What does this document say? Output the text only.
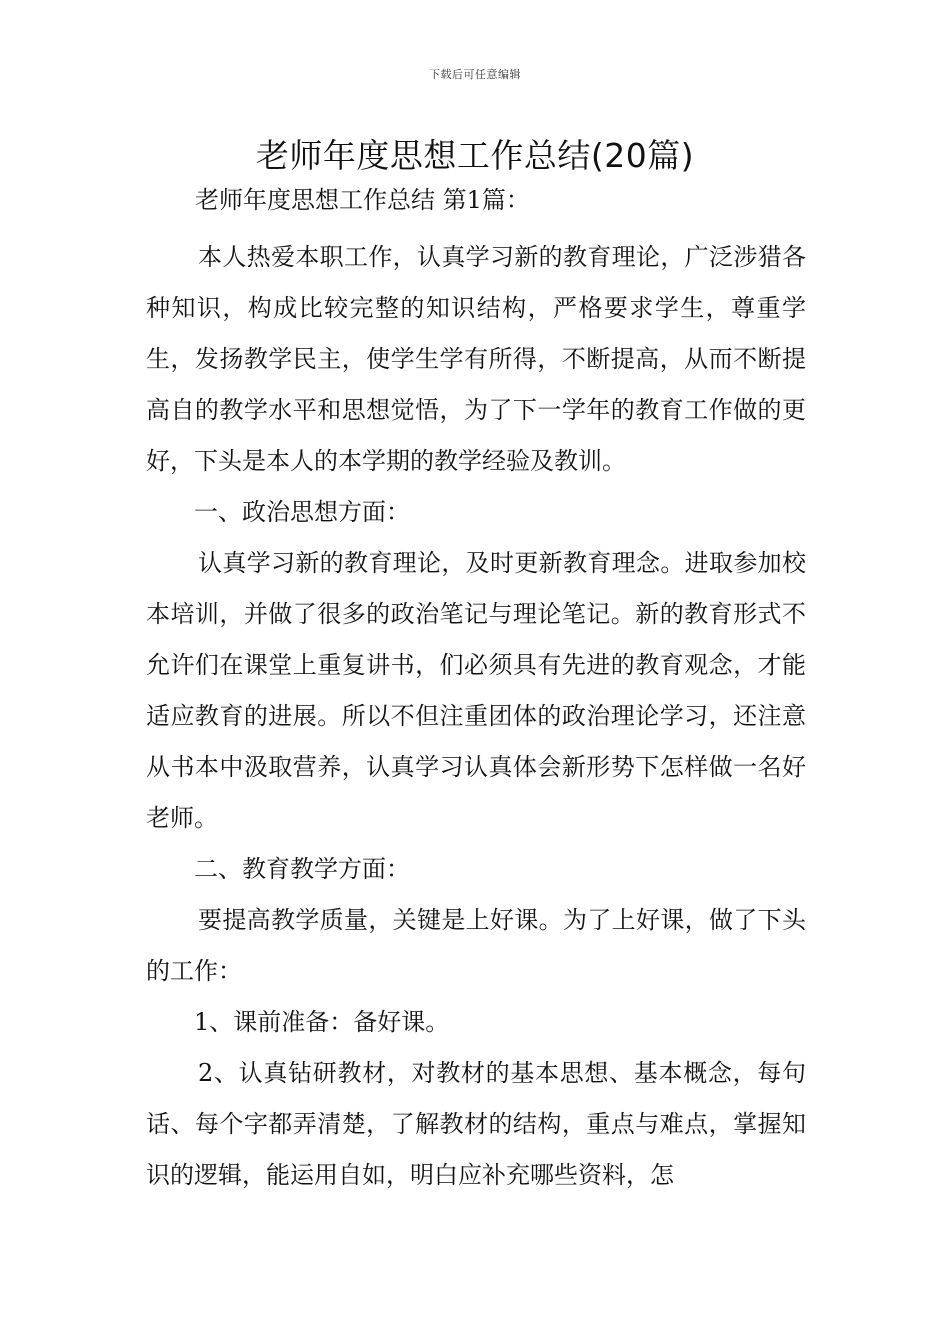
下载后可任意编辑
老师年度思想工作总结(20篇)

老师年度思想工作总结 第1篇：

本人热爱本职工作，认真学习新的教育理论，广泛涉猎各种知识，构成比较完整的知识结构，严格要求学生，尊重学生，发扬教学民主，使学生学有所得，不断提高，从而不断提高自的教学水平和思想觉悟，为了下一学年的教育工作做的更好，下头是本人的本学期的教学经验及教训。

一、政治思想方面：

认真学习新的教育理论，及时更新教育理念。进取参加校本培训，并做了很多的政治笔记与理论笔记。新的教育形式不允许们在课堂上重复讲书，们必须具有先进的教育观念，才能适应教育的进展。所以不但注重团体的政治理论学习，还注意从书本中汲取营养，认真学习认真体会新形势下怎样做一名好老师。

二、教育教学方面：

要提高教学质量，关键是上好课。为了上好课，做了下头的工作：

1、课前准备：备好课。

2、认真钻研教材，对教材的基本思想、基本概念，每句话、每个字都弄清楚，了解教材的结构，重点与难点，掌握知识的逻辑，能运用自如，明白应补充哪些资料，怎
